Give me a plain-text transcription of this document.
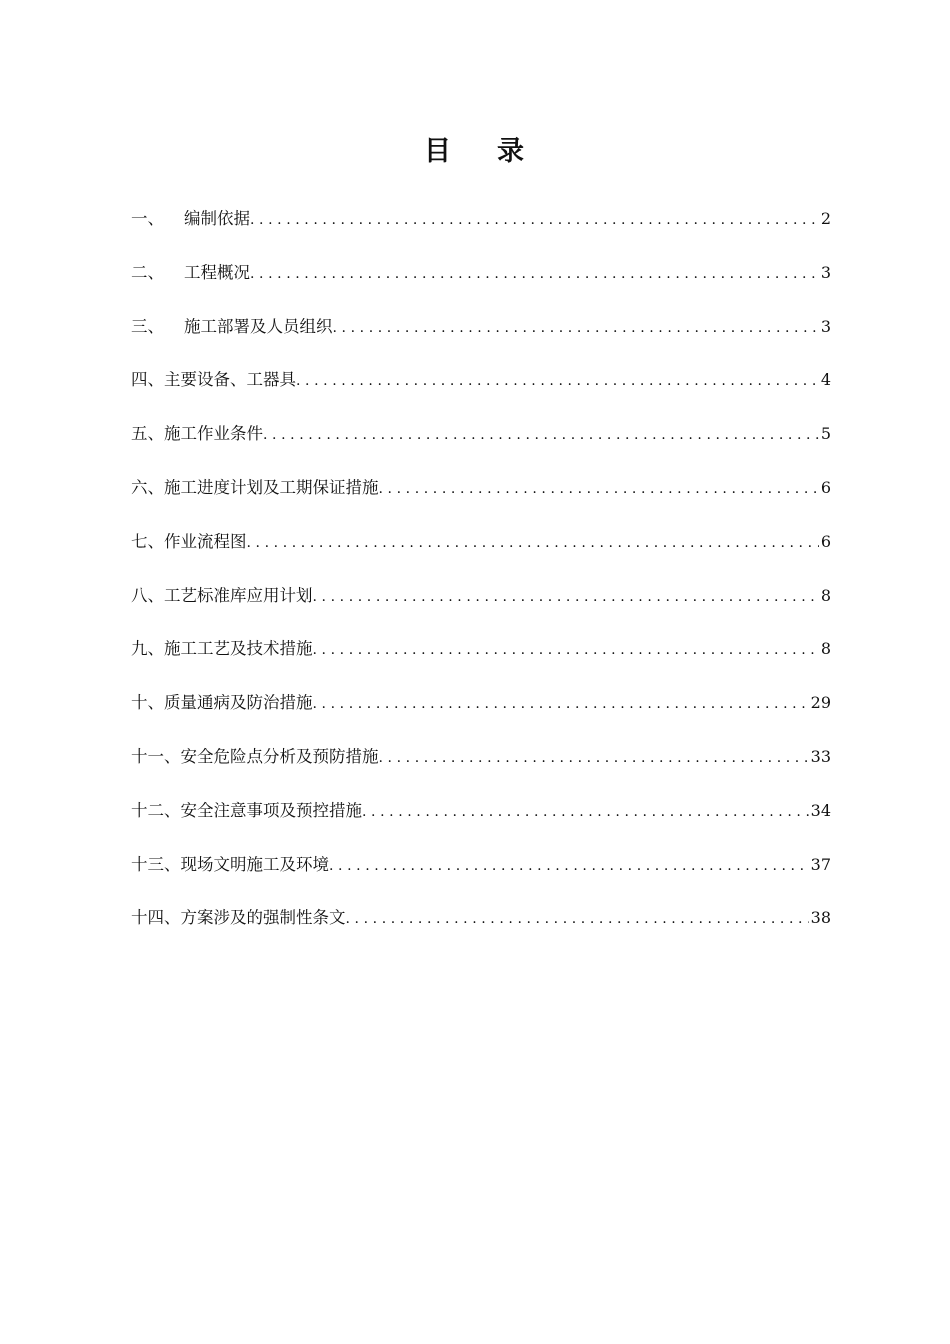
目 录
一、	编制依据 .....	2
二、	工程概况 .....	3
三、	施工部署及人员组织 .....	3
四、 主要设备、工器具 .....	4
五、 施工作业条件 .....	5
六、 施工进度计划及工期保证措施 .....	6
七、 作业流程图 .....	6
八、 工艺标准库应用计划 .....	8
九、 施工工艺及技术措施 .....	8
十、 质量通病及防治措施 .....	29
十一、 安全危险点分析及预防措施 .....	33
十二、 安全注意事项及预控措施 .....	34
十三、 现场文明施工及环境 .....	37
十四、 方案涉及的强制性条文 .....	38
